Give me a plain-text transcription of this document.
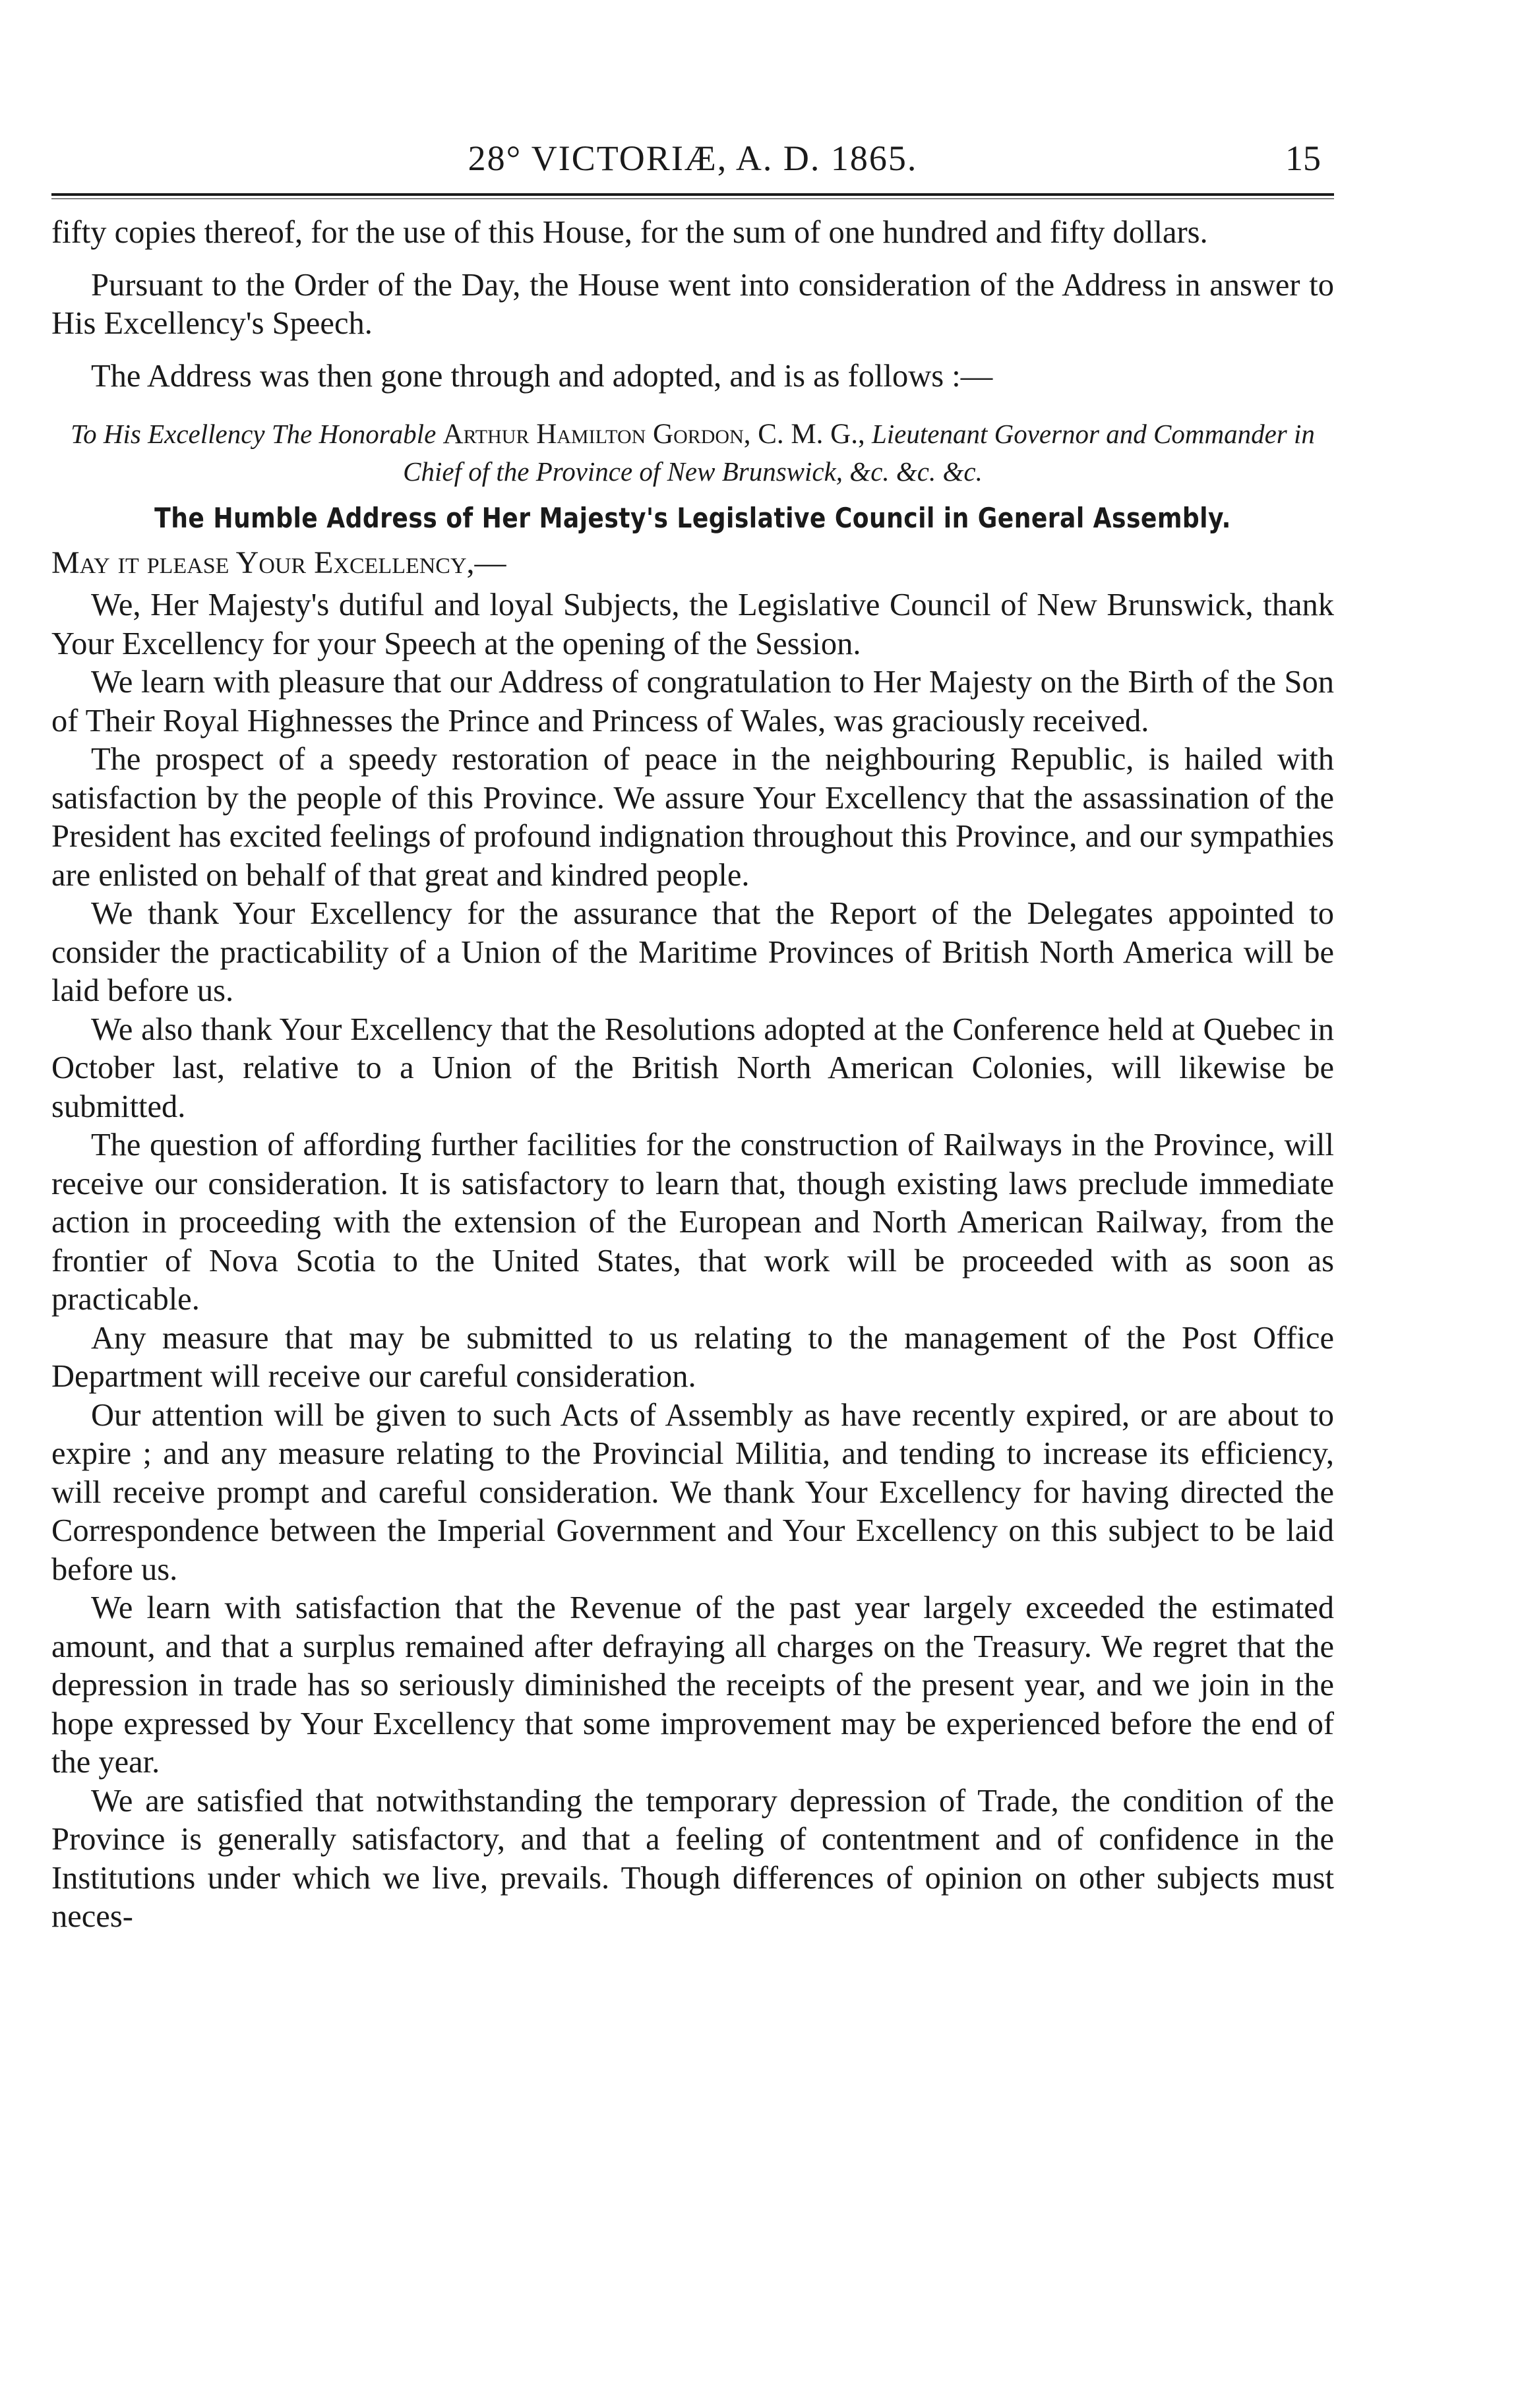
28° VICTORIÆ, A. D. 1865.	15

fifty copies thereof, for the use of this House, for the sum of one hundred and fifty dollars.

Pursuant to the Order of the Day, the House went into consideration of the Address in answer to His Excellency's Speech.

The Address was then gone through and adopted, and is as follows :—

To His Excellency The Honorable Arthur Hamilton Gordon, C. M. G., Lieutenant Governor and Commander in Chief of the Province of New Brunswick, &c. &c. &c.
The Humble Address of Her Majesty's Legislative Council in General Assembly.
May it please Your Excellency,—

We, Her Majesty's dutiful and loyal Subjects, the Legislative Council of New Brunswick, thank Your Excellency for your Speech at the opening of the Session.

We learn with pleasure that our Address of congratulation to Her Majesty on the Birth of the Son of Their Royal Highnesses the Prince and Princess of Wales, was graciously received.

The prospect of a speedy restoration of peace in the neighbouring Republic, is hailed with satisfaction by the people of this Province. We assure Your Excellency that the assassination of the President has excited feelings of profound indignation throughout this Province, and our sympathies are enlisted on behalf of that great and kindred people.

We thank Your Excellency for the assurance that the Report of the Delegates appointed to consider the practicability of a Union of the Maritime Provinces of British North America will be laid before us.

We also thank Your Excellency that the Resolutions adopted at the Conference held at Quebec in October last, relative to a Union of the British North American Colonies, will likewise be submitted.

The question of affording further facilities for the construction of Railways in the Province, will receive our consideration. It is satisfactory to learn that, though existing laws preclude immediate action in proceeding with the extension of the European and North American Railway, from the frontier of Nova Scotia to the United States, that work will be proceeded with as soon as practicable.

Any measure that may be submitted to us relating to the management of the Post Office Department will receive our careful consideration.

Our attention will be given to such Acts of Assembly as have recently expired, or are about to expire ; and any measure relating to the Provincial Militia, and tending to increase its efficiency, will receive prompt and careful consideration. We thank Your Excellency for having directed the Correspondence between the Imperial Government and Your Excellency on this subject to be laid before us.

We learn with satisfaction that the Revenue of the past year largely exceeded the estimated amount, and that a surplus remained after defraying all charges on the Treasury. We regret that the depression in trade has so seriously diminished the receipts of the present year, and we join in the hope expressed by Your Excellency that some improvement may be experienced before the end of the year.

We are satisfied that notwithstanding the temporary depression of Trade, the condition of the Province is generally satisfactory, and that a feeling of contentment and of confidence in the Institutions under which we live, prevails. Though differences of opinion on other subjects must neces-
